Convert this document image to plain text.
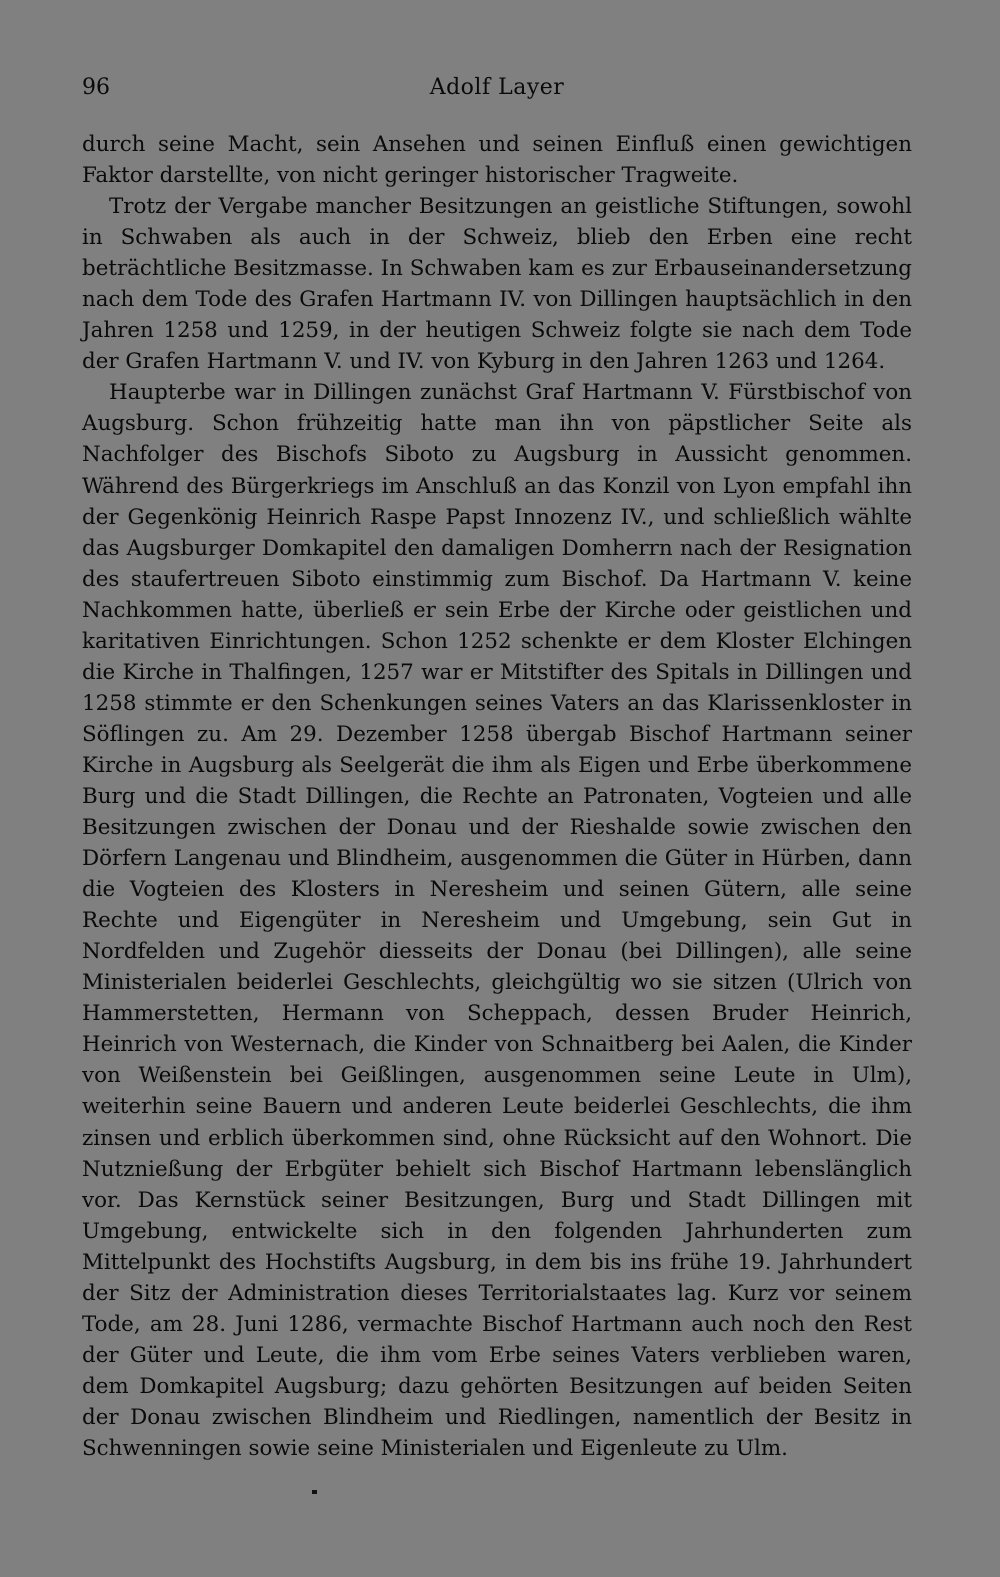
96	Adolf Layer

durch seine Macht, sein Ansehen und seinen Einfluß einen gewichtigen Faktor darstellte, von nicht geringer historischer Tragweite.

Trotz der Vergabe mancher Besitzungen an geistliche Stiftungen, sowohl in Schwaben als auch in der Schweiz, blieb den Erben eine recht beträchtliche Besitzmasse. In Schwaben kam es zur Erbauseinandersetzung nach dem Tode des Grafen Hartmann IV. von Dillingen hauptsächlich in den Jahren 1258 und 1259, in der heutigen Schweiz folgte sie nach dem Tode der Grafen Hartmann V. und IV. von Kyburg in den Jahren 1263 und 1264.

Haupterbe war in Dillingen zunächst Graf Hartmann V. Fürstbischof von Augsburg. Schon frühzeitig hatte man ihn von päpstlicher Seite als Nachfolger des Bischofs Siboto zu Augsburg in Aussicht genommen. Während des Bürgerkriegs im Anschluß an das Konzil von Lyon empfahl ihn der Gegenkönig Heinrich Raspe Papst Innozenz IV., und schließlich wählte das Augsburger Domkapitel den damaligen Domherrn nach der Resignation des staufertreuen Siboto einstimmig zum Bischof. Da Hartmann V. keine Nachkommen hatte, überließ er sein Erbe der Kirche oder geistlichen und karitativen Einrichtungen. Schon 1252 schenkte er dem Kloster Elchingen die Kirche in Thalfingen, 1257 war er Mitstifter des Spitals in Dillingen und 1258 stimmte er den Schenkungen seines Vaters an das Klarissenkloster in Söflingen zu. Am 29. Dezember 1258 übergab Bischof Hartmann seiner Kirche in Augsburg als Seelgerät die ihm als Eigen und Erbe überkommene Burg und die Stadt Dillingen, die Rechte an Patronaten, Vogteien und alle Besitzungen zwischen der Donau und der Rieshalde sowie zwischen den Dörfern Langenau und Blindheim, ausgenommen die Güter in Hürben, dann die Vogteien des Klosters in Neresheim und seinen Gütern, alle seine Rechte und Eigengüter in Neresheim und Umgebung, sein Gut in Nordfelden und Zugehör diesseits der Donau (bei Dillingen), alle seine Ministerialen beiderlei Geschlechts, gleichgültig wo sie sitzen (Ulrich von Hammerstetten, Hermann von Scheppach, dessen Bruder Heinrich, Heinrich von Westernach, die Kinder von Schnaitberg bei Aalen, die Kinder von Weißenstein bei Geißlingen, ausgenommen seine Leute in Ulm), weiterhin seine Bauern und anderen Leute beiderlei Geschlechts, die ihm zinsen und erblich überkommen sind, ohne Rücksicht auf den Wohnort. Die Nutznießung der Erbgüter behielt sich Bischof Hartmann lebenslänglich vor. Das Kernstück seiner Besitzungen, Burg und Stadt Dillingen mit Umgebung, entwickelte sich in den folgenden Jahrhunderten zum Mittelpunkt des Hochstifts Augsburg, in dem bis ins frühe 19. Jahrhundert der Sitz der Administration dieses Territorialstaates lag. Kurz vor seinem Tode, am 28. Juni 1286, vermachte Bischof Hartmann auch noch den Rest der Güter und Leute, die ihm vom Erbe seines Vaters verblieben waren, dem Domkapitel Augsburg; dazu gehörten Besitzungen auf beiden Seiten der Donau zwischen Blindheim und Riedlingen, namentlich der Besitz in Schwenningen sowie seine Ministerialen und Eigenleute zu Ulm.
